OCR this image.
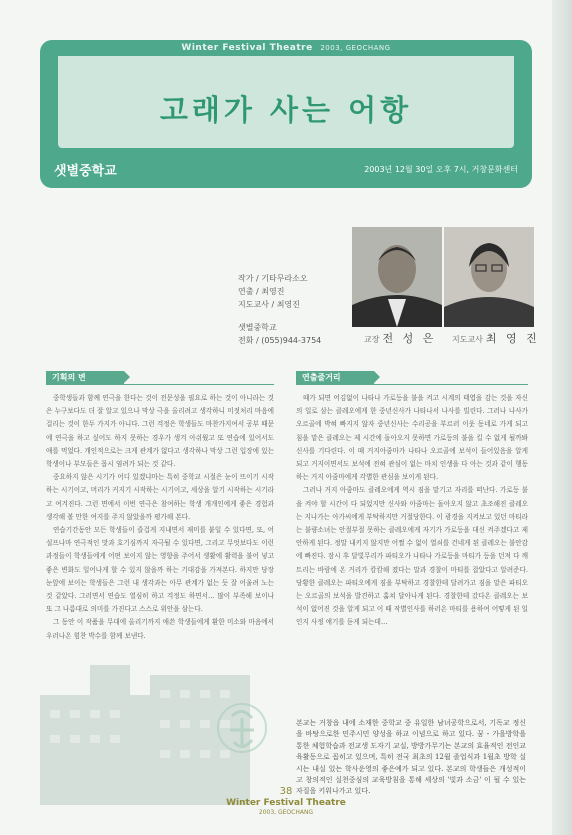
Winter Festival Theatre 2003, GEOCHANG
고래가 사는 어항
샛별중학교	2003년 12월 30일 오후 7시, 거창문화센터
작가 / 기타무라소오
연출 / 최영진
지도교사 / 최영진
샛별중학교
전화 / (055)944-3754	교장 전 성 은 지도교사 최 영 진
기획의 변	연출줄거리

중학생들과 함께 연극을 한다는 것이 전문성을 필요로 하는 것이 아니라는 것은 누구보다도 더 잘 알고 있으나 막상 극을 올리려고 생각하니 미젓처리 마음에 걸리는 것이 한두 가지가 아니다. 그런 걱정은 학생들도 마찬가지여서 공부 때문에 연극을 하고 싶어도 하지 못하는 경우가 생겨 아쉬웠고 또 연습에 있어서도 애를 먹었다. 개인적으로는 크게 관계가 없다고 생각하나 막상 그런 입장에 있는 학생이나 부모들은 몹시 염려가 되는 것 같다.

중요하지 않은 시기가 어디 있겠냐마는 특히 중학교 시절은 눈이 뜨이기 시작하는 시기이고, 머리가 커지기 시작하는 시기이고, 세상을 알기 시작하는 시기라고 여겨진다. 그런 면에서 이번 연극은 참여하는 학생 개개인에게 좋은 경험과 생각해 볼 만한 여지를 주지 않았을까 평가해 본다.

연습기간동안 모든 학생들이 즐겁게 지내면서 재미를 붙일 수 있다면, 또, 어설프나마 연극적인 맛과 호기심까지 자극될 수 있다면, 그리고 무엇보다도 이런 과정들이 학생들에게 어떤 보이지 않는 영향을 주어서 생활에 활력을 불어 넣고 좋은 변화도 일어나게 할 수 있지 않을까 하는 기대감을 가져본다. 하지만 당장 눈앞에 보이는 학생들은 그런 내 생각과는 아무 관계가 없는 듯 잘 어울려 노는 것 같았다. 그러면서 연습도 열심히 하고 걱정도 하면서… 많이 부족해 보이나 또 그 나름대로 의미를 가진다고 스스로 위안을 삼는다.

그 동안 이 작품을 무대에 올리기까지 애쓴 학생들에게 환한 미소와 마음에서 우러나온 힘찬 박수를 함께 보낸다.

때가 되면 어김없이 나타나 가로등을 불을 켜고 시계의 태엽을 감는 것을 자신의 일로 삼는 클레오에게 한 중년신사가 나타나서 나사를 빌린다. 그러나 나사가 오르골에 박혀 빠지지 않자 중년신사는 수리공을 부르러 이웃 동네로 가게 되고 침을 맡은 클레오는 제 시간에 돌아오지 못하면 가로등의 불을 킬 수 없게 될까봐 신사를 기다린다. 이 때 거지아줌마가 나타나 오르골에 보석이 들어있음을 알게 되고 거지이면서도 보석에 전혀 관심이 없는 마치 인생을 다 아는 것과 같이 행동하는 거지 아줌마에게 각별한 관심을 보이게 된다.

그러나 거지 아줌마도 클레오에게 역시 짐을 맡기고 자리를 떠난다. 가로등 불을 켜야 할 시간이 다 되었지만 신사와 아줌마는 돌아오지 않고 초조해진 클레오는 지나가는 아가씨에게 부탁하지만 거절당한다. 이 광경을 지켜보고 있던 마티라는 불량소녀는 안절부절 못하는 클레오에게 자기가 가로등을 대신 켜주겠다고 제안하게 된다. 정말 내키지 않지만 어쩔 수 없이 열쇠를 건네게 된 클레오는 불안감에 빠진다. 잠시 후 달빛무리가 파티오가 나타나 가로등을 마티가 등을 던져 다 깨트리는 바람에 온 거리가 캄캄해 졌다는 말과 경찰이 마티를 잡았다고 알려준다. 당황한 클레오는 파티오에게 짐을 부탁하고 경찰한테 달려가고 짐을 맡은 파티오는 오르골의 보석을 발견하고 훔쳐 달아나게 된다. 경찰한테 갔다온 클레오는 보석이 없어진 것을 알게 되고 이 때 작별인사를 하러온 마티를 용하여 어떻게 된 일인지 사정 얘기를 듣게 되는데…

본교는 거창읍 내에 소재한 중학교 중 유일한 남녀공학으로서, 기독교 정신을 바탕으로한 민주시민 양성을 하교 이념으로 하고 있다. 꿈・가을방학을 통한 체험학습과 전교생 도자기 교실, 방방가무기는 본교의 효율적인 전인교육활동으로 꼽히고 있으며, 특히 전국 최초의 12월 졸업식과 1월초 방학 실시는 내실 있는 학사운영의 좋은예가 되고 있다. 본교의 학생들은 개성적이고 창의적인 실천중심의 교육방침을 통해 세상의 '빛과 소금' 이 될 수 있는 자질을 키워나가고 있다.
38
Winter Festival Theatre
2003, GEOCHANG
